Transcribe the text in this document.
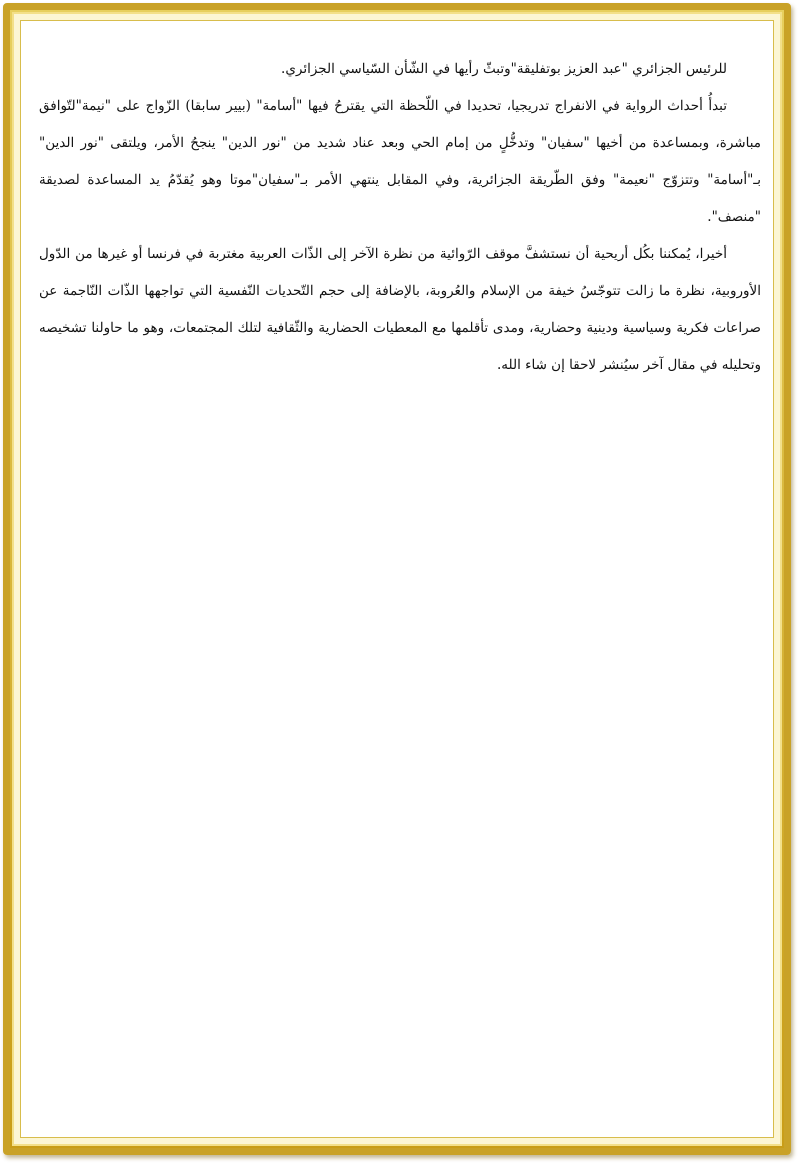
للرئيس الجزائري "عبد العزيز بوتفليقة"وتبثّ رأيها في الشّأن السّياسي الجزائري.

تبدأُ أحداث الرواية في الانفراج تدريجيا، تحديدا في اللّحظة التي يقترحُ فيها "أسامة" (بيير سابقا) الزّواج على "نيمة"لتّوافق مباشرة، وبمساعدة من أخيها "سفيان" وتدخُّلٍ من إمام الحي وبعد عناد شديد من "نور الدين" ينجحُ الأمر، ويلتقى "نور الدين" بـ"أسامة" وتتزوّج "نعيمة" وفق الطّريقة الجزائرية، وفي المقابل ينتهي الأمر بـ"سفيان"موتا وهو يُقدّمُ يد المساعدة لصديقة "منصف".

أخيرا، يُمكننا بكُل أريحية أن نستشفَّ موقف الرّوائية من نظرة الآخر إلى الذّات العربية مغتربة في فرنسا أو غيرها من الدّول الأوروبية، نظرة ما زالت تتوجّسُ خيفة من الإسلام والعُروبة، بالإضافة إلى حجم التّحديات النّفسية التي تواجهها الذّات النّاجمة عن صراعات فكرية وسياسية ودينية وحضارية، ومدى تأقلمها مع المعطيات الحضارية والثّقافية لتلك المجتمعات، وهو ما حاولنا تشخيصه وتحليله في مقال آخر سيُنشر لاحقا إن شاء الله.
